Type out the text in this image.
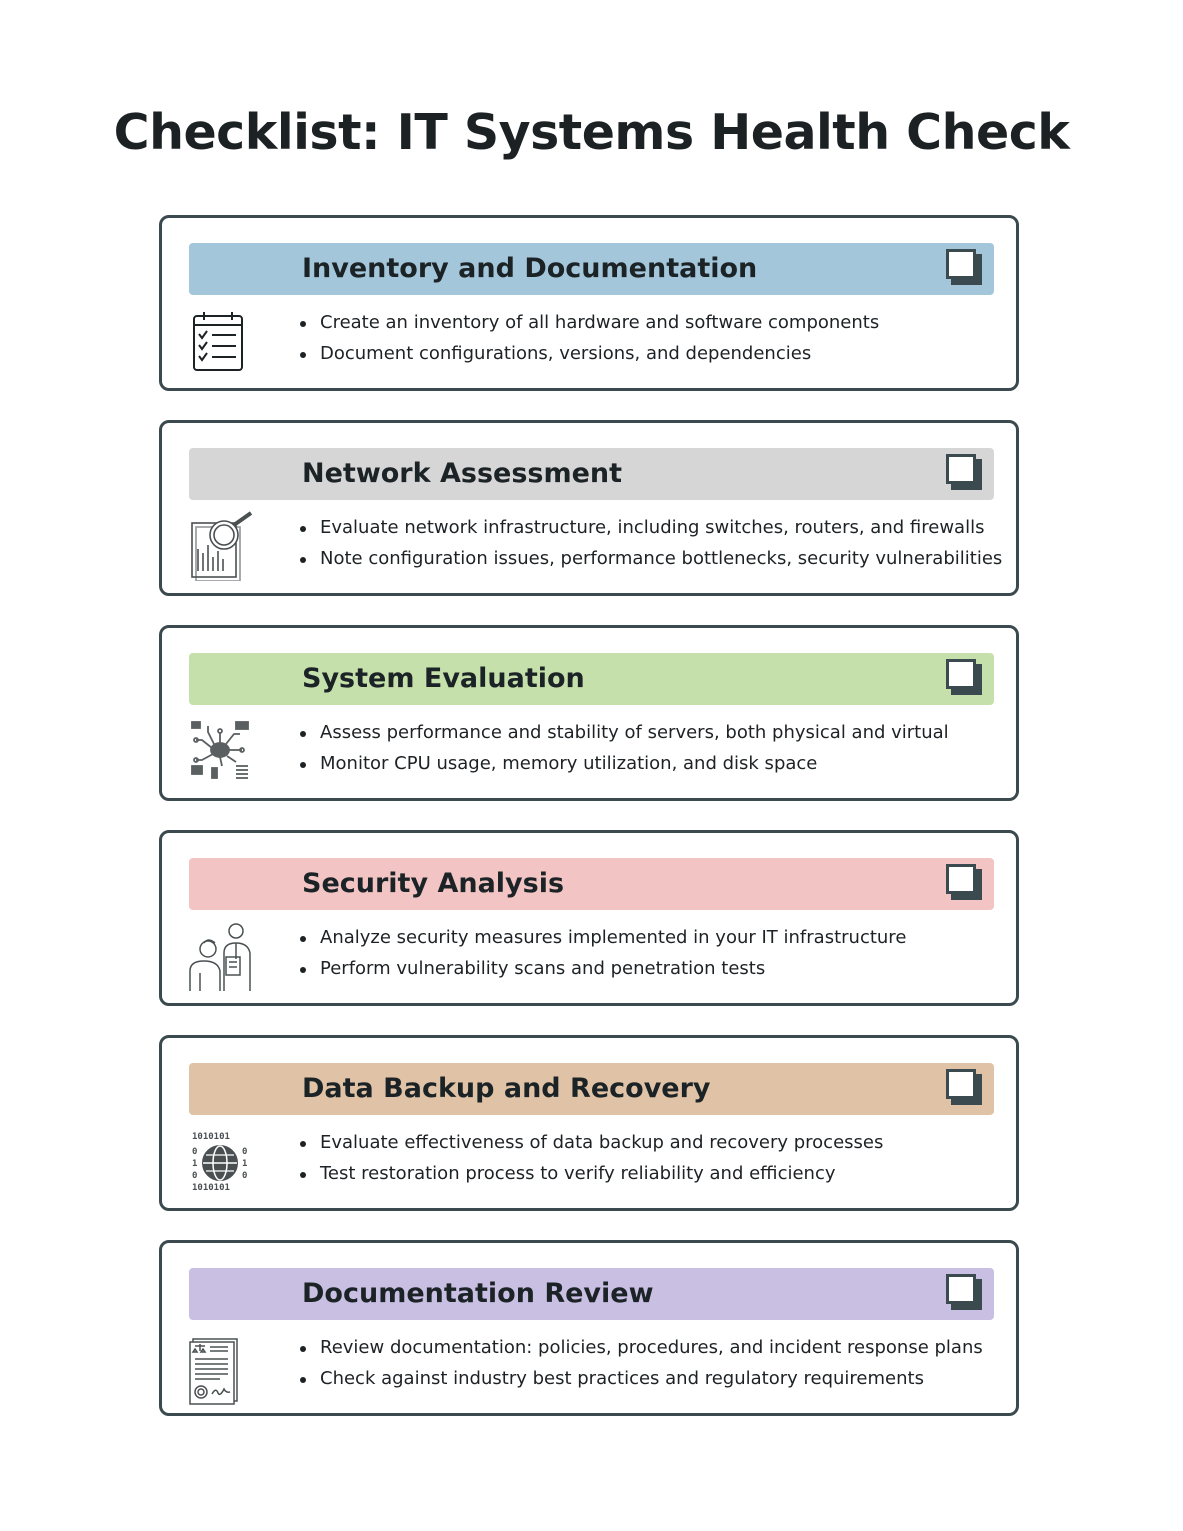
Checklist: IT Systems Health Check
Inventory and Documentation
Create an inventory of all hardware and software components
Document configurations, versions, and dependencies
Network Assessment
Evaluate network infrastructure, including switches, routers, and firewalls
Note configuration issues, performance bottlenecks, security vulnerabilities
System Evaluation
Assess performance and stability of servers, both physical and virtual
Monitor CPU usage, memory utilization, and disk space
Security Analysis
Analyze security measures implemented in your IT infrastructure
Perform vulnerability scans and penetration tests
Data Backup and Recovery
1010101
1010101
0
1
0
0
1
0
Evaluate effectiveness of data backup and recovery processes
Test restoration process to verify reliability and efficiency
Documentation Review
Review documentation: policies, procedures, and incident response plans
Check against industry best practices and regulatory requirements
